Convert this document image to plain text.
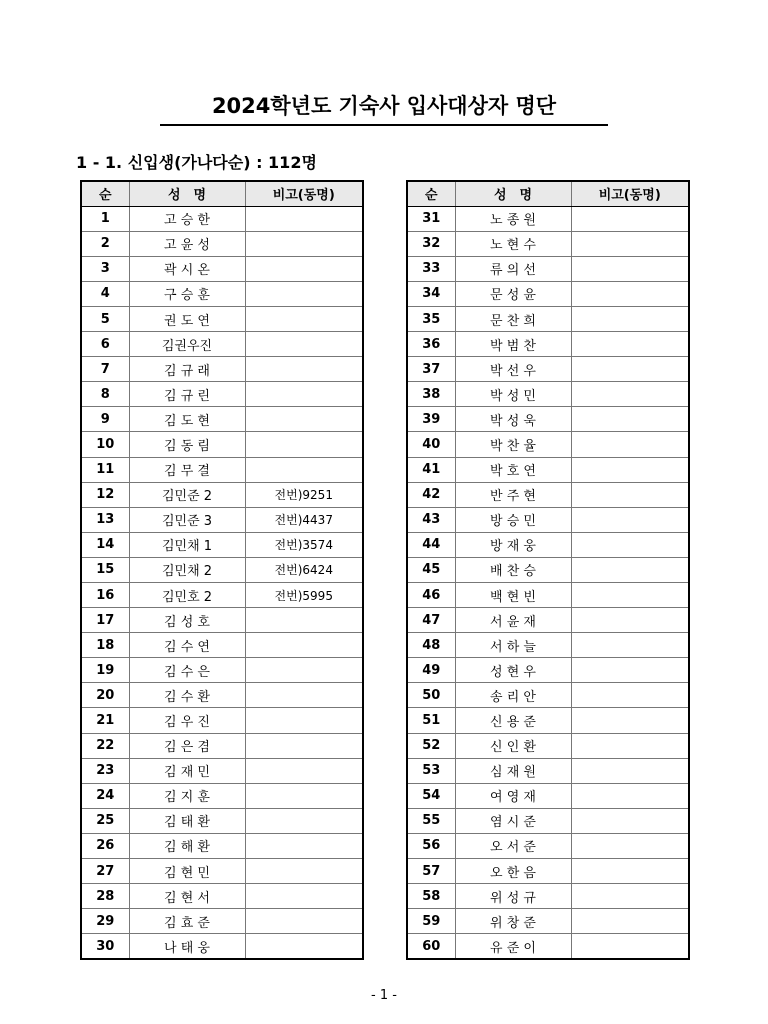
2024학년도 기숙사 입사대상자 명단
1 - 1. 신입생(가나다순) : 112명
순	성　명	비고(동명)
1	고 승 한	
2	고 윤 성	
3	곽 시 온	
4	구 승 훈	
5	권 도 연	
6	김권우진	
7	김 규 래	
8	김 규 린	
9	김 도 현	
10	김 동 림	
11	김 무 결	
12	김민준 2	전번)9251
13	김민준 3	전번)4437
14	김민채 1	전번)3574
15	김민채 2	전번)6424
16	김민호 2	전번)5995
17	김 성 호	
18	김 수 연	
19	김 수 은	
20	김 수 환	
21	김 우 진	
22	김 은 겸	
23	김 재 민	
24	김 지 훈	
25	김 태 환	
26	김 해 환	
27	김 현 민	
28	김 현 서	
29	김 효 준	
30	나 태 웅	
순	성　명	비고(동명)
31	노 종 원	
32	노 현 수	
33	류 의 선	
34	문 성 윤	
35	문 찬 희	
36	박 범 찬	
37	박 선 우	
38	박 성 민	
39	박 성 욱	
40	박 찬 율	
41	박 호 연	
42	반 주 현	
43	방 승 민	
44	방 재 웅	
45	배 찬 승	
46	백 현 빈	
47	서 윤 재	
48	서 하 늘	
49	성 현 우	
50	송 리 안	
51	신 용 준	
52	신 인 환	
53	심 재 원	
54	여 영 재	
55	염 시 준	
56	오 서 준	
57	오 한 음	
58	위 성 규	
59	위 창 준	
60	유 준 이	
- 1 -
